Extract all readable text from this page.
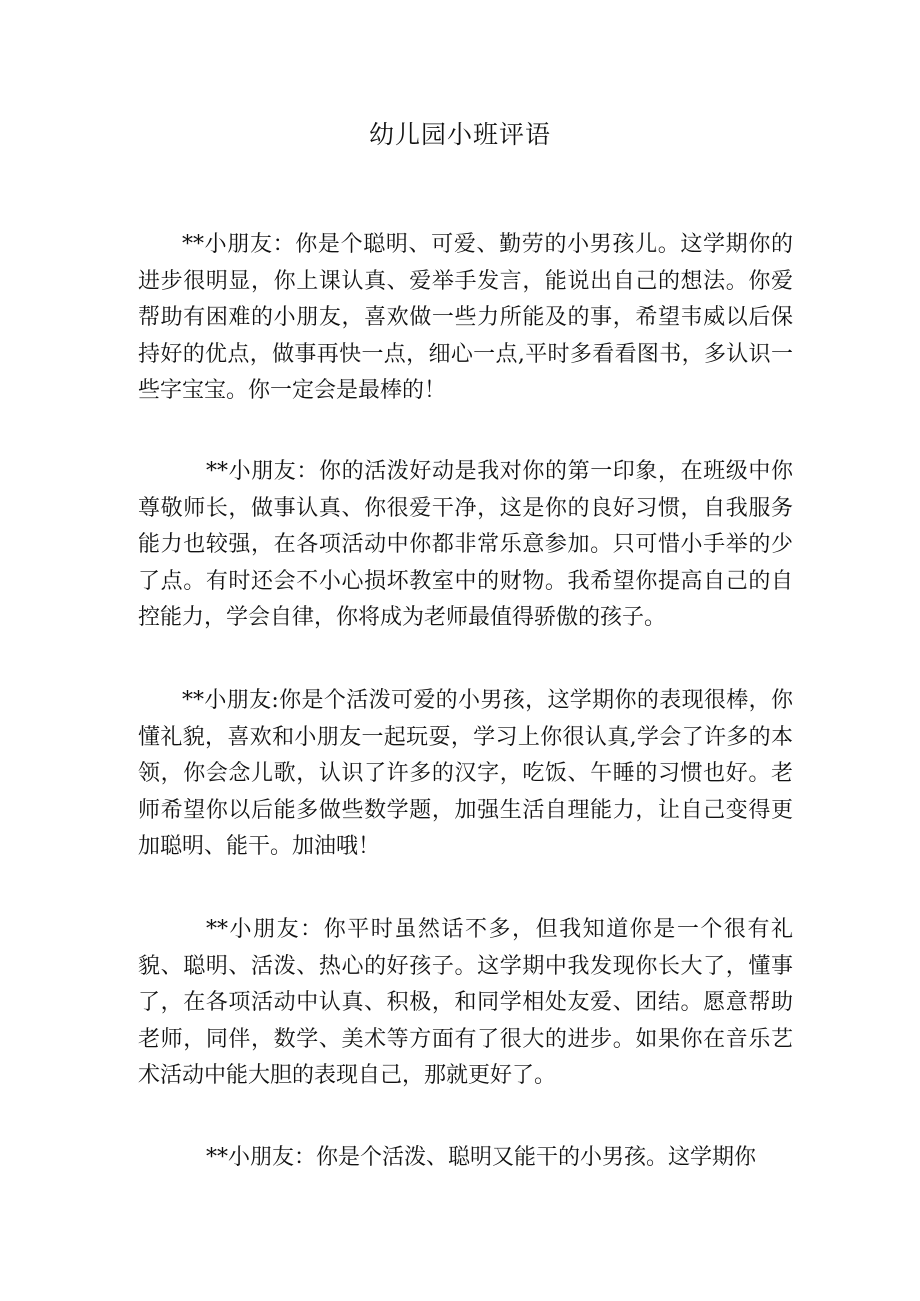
幼儿园小班评语
**小朋友：你是个聪明、可爱、勤劳的小男孩儿。这学期你的进步很明显，你上课认真、爱举手发言，能说出自己的想法。你爱帮助有困难的小朋友，喜欢做一些力所能及的事，希望韦威以后保持好的优点，做事再快一点，细心一点,平时多看看图书，多认识一些字宝宝。你一定会是最棒的！
**小朋友：你的活泼好动是我对你的第一印象，在班级中你尊敬师长，做事认真、你很爱干净，这是你的良好习惯，自我服务能力也较强，在各项活动中你都非常乐意参加。只可惜小手举的少了点。有时还会不小心损坏教室中的财物。我希望你提高自己的自控能力，学会自律，你将成为老师最值得骄傲的孩子。
**小朋友:你是个活泼可爱的小男孩，这学期你的表现很棒，你懂礼貌，喜欢和小朋友一起玩耍，学习上你很认真,学会了许多的本领，你会念儿歌，认识了许多的汉字，吃饭、午睡的习惯也好。老师希望你以后能多做些数学题，加强生活自理能力，让自己变得更加聪明、能干。加油哦！
**小朋友：你平时虽然话不多，但我知道你是一个很有礼貌、聪明、活泼、热心的好孩子。这学期中我发现你长大了，懂事了，在各项活动中认真、积极，和同学相处友爱、团结。愿意帮助老师，同伴，数学、美术等方面有了很大的进步。如果你在音乐艺术活动中能大胆的表现自己，那就更好了。
**小朋友：你是个活泼、聪明又能干的小男孩。这学期你
